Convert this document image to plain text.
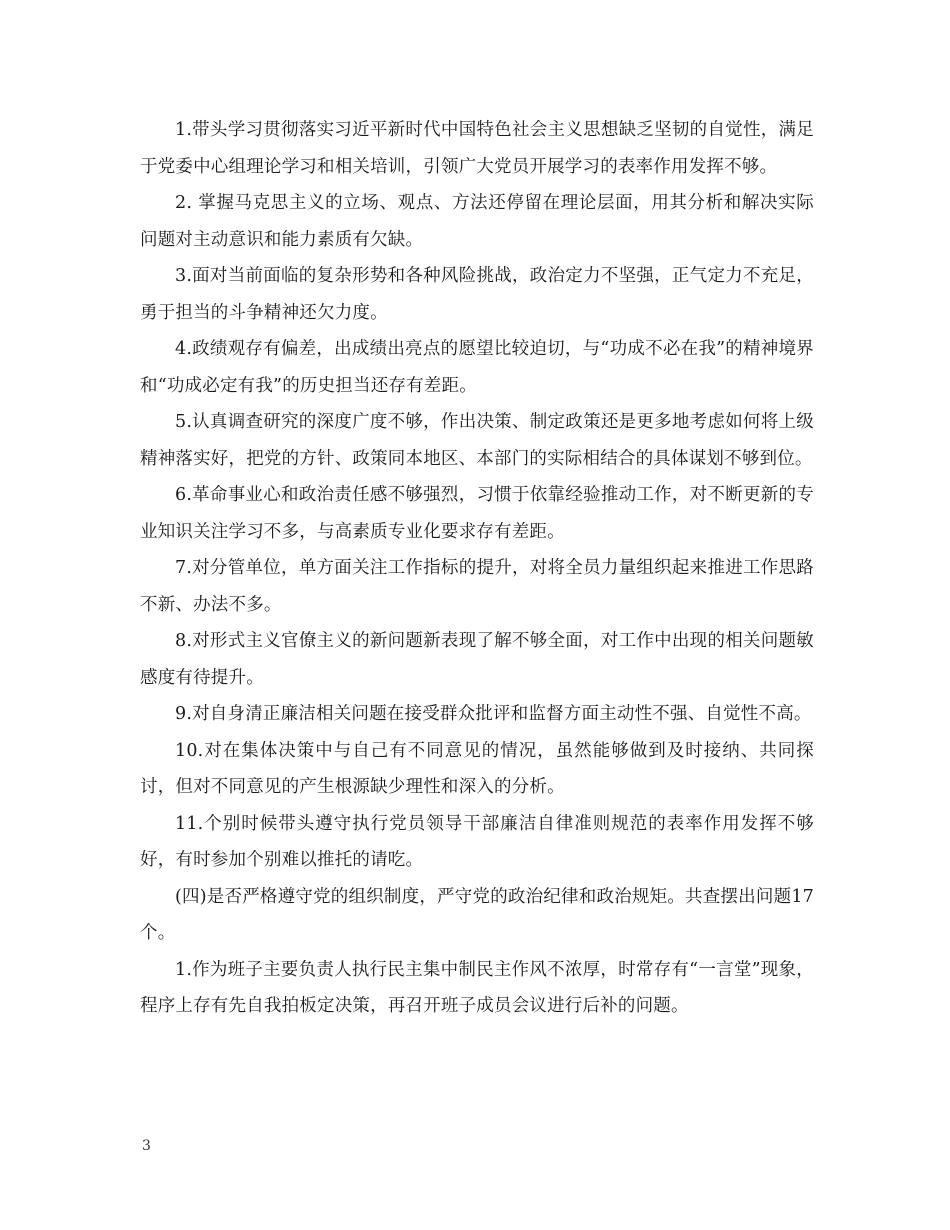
1.带头学习贯彻落实习近平新时代中国特色社会主义思想缺乏坚韧的自觉性，满足于党委中心组理论学习和相关培训，引领广大党员开展学习的表率作用发挥不够。

2. 掌握马克思主义的立场、观点、方法还停留在理论层面，用其分析和解决实际问题对主动意识和能力素质有欠缺。

3.面对当前面临的复杂形势和各种风险挑战，政治定力不坚强，正气定力不充足，勇于担当的斗争精神还欠力度。

4.政绩观存有偏差，出成绩出亮点的愿望比较迫切，与“功成不必在我”的精神境界和“功成必定有我”的历史担当还存有差距。

5.认真调查研究的深度广度不够，作出决策、制定政策还是更多地考虑如何将上级精神落实好，把党的方针、政策同本地区、本部门的实际相结合的具体谋划不够到位。

6.革命事业心和政治责任感不够强烈，习惯于依靠经验推动工作，对不断更新的专业知识关注学习不多，与高素质专业化要求存有差距。

7.对分管单位，单方面关注工作指标的提升，对将全员力量组织起来推进工作思路不新、办法不多。

8.对形式主义官僚主义的新问题新表现了解不够全面，对工作中出现的相关问题敏感度有待提升。

9.对自身清正廉洁相关问题在接受群众批评和监督方面主动性不强、自觉性不高。

10.对在集体决策中与自己有不同意见的情况，虽然能够做到及时接纳、共同探讨，但对不同意见的产生根源缺少理性和深入的分析。

11.个别时候带头遵守执行党员领导干部廉洁自律准则规范的表率作用发挥不够好，有时参加个别难以推托的请吃。

(四)是否严格遵守党的组织制度，严守党的政治纪律和政治规矩。共查摆出问题17个。

1.作为班子主要负责人执行民主集中制民主作风不浓厚，时常存有“一言堂”现象，程序上存有先自我拍板定决策，再召开班子成员会议进行后补的问题。

3
